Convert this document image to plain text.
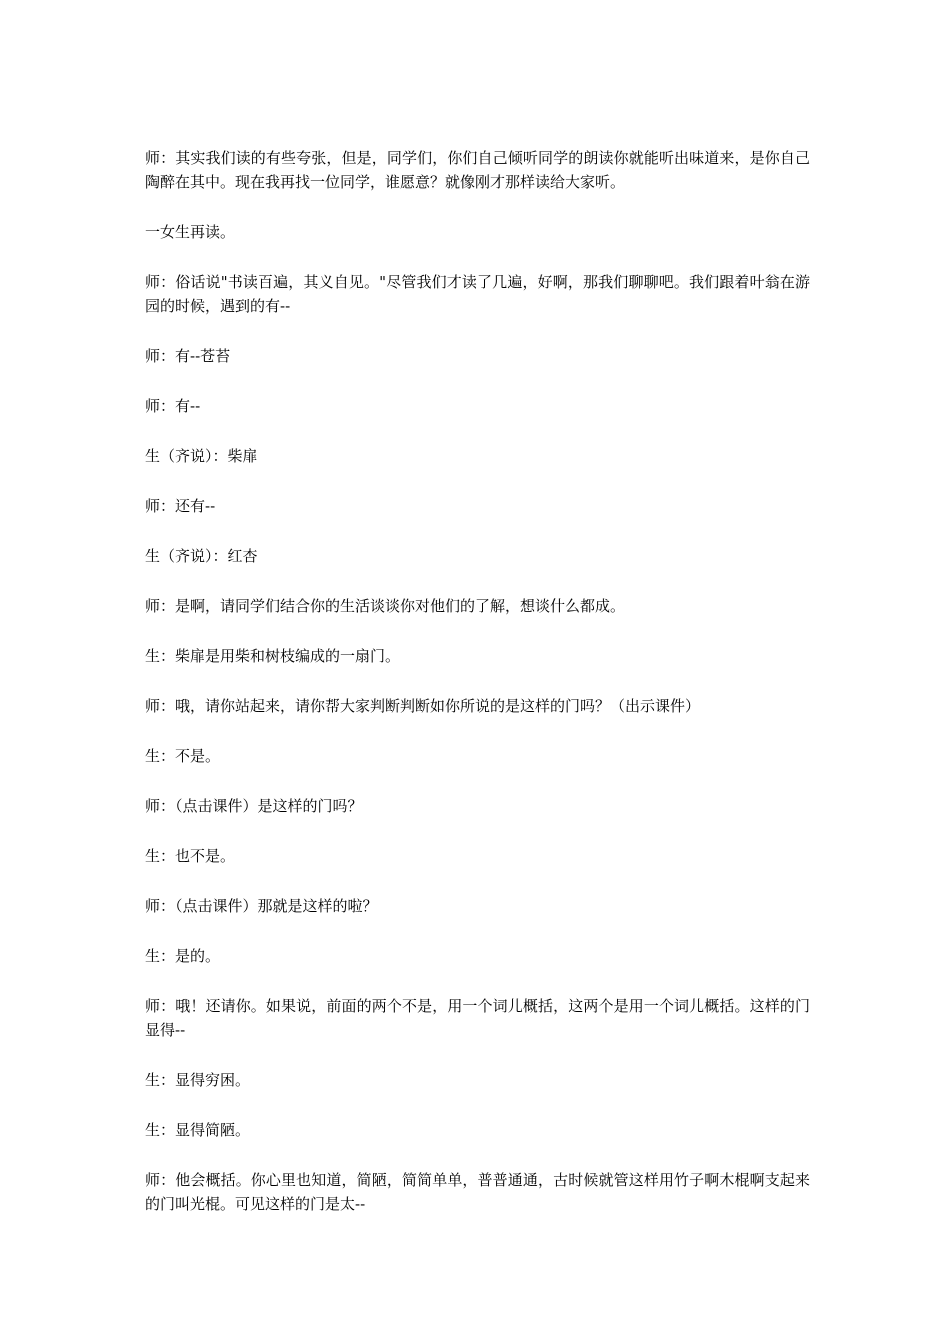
师：其实我们读的有些夸张，但是，同学们，你们自己倾听同学的朗读你就能听出味道来，是你自己陶醉在其中。现在我再找一位同学，谁愿意？就像刚才那样读给大家听。

一女生再读。

师：俗话说"书读百遍，其义自见。"尽管我们才读了几遍，好啊，那我们聊聊吧。我们跟着叶翁在游园的时候，遇到的有--

师：有--苍苔

师：有--

生（齐说）：柴扉

师：还有--

生（齐说）：红杏

师：是啊，请同学们结合你的生活谈谈你对他们的了解，想谈什么都成。

生：柴扉是用柴和树枝编成的一扇门。

师：哦，请你站起来，请你帮大家判断判断如你所说的是这样的门吗？（出示课件）

生：不是。

师：（点击课件）是这样的门吗？

生：也不是。

师：（点击课件）那就是这样的啦？

生：是的。

师：哦！还请你。如果说，前面的两个不是，用一个词儿概括，这两个是用一个词儿概括。这样的门显得--

生：显得穷困。

生：显得简陋。

师：他会概括。你心里也知道，简陋，简简单单，普普通通，古时候就管这样用竹子啊木棍啊支起来的门叫光棍。可见这样的门是太--
